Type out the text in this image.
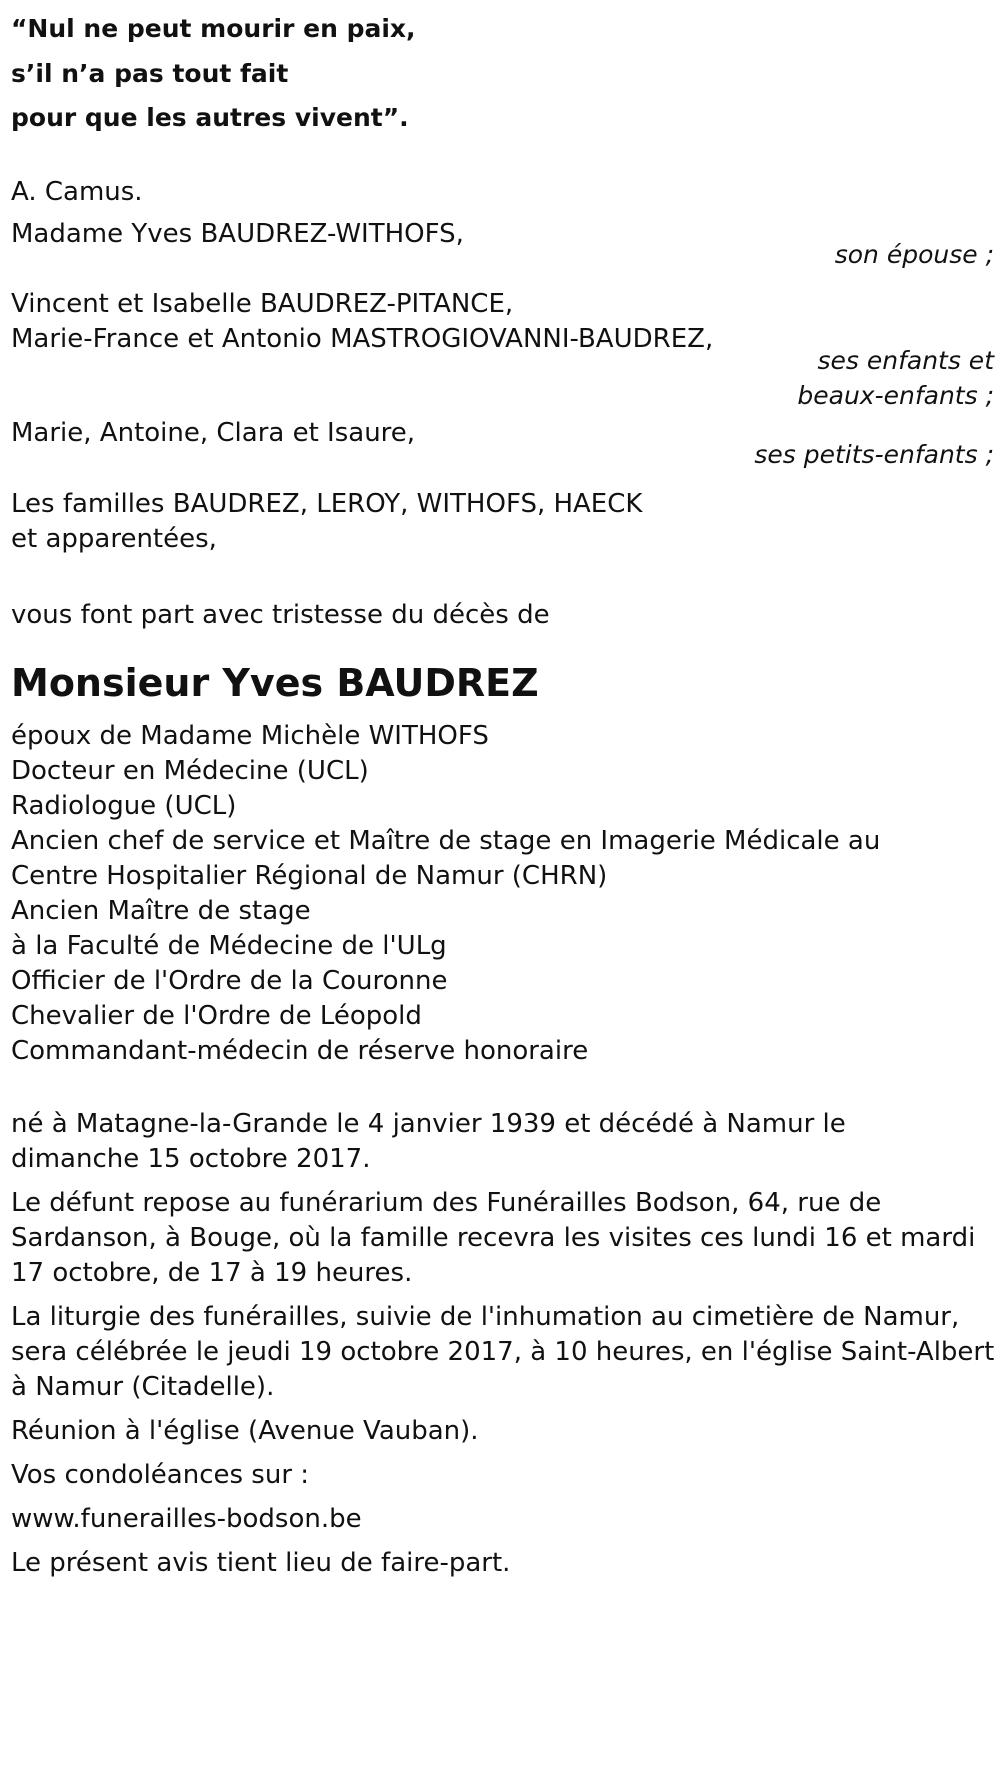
“Nul ne peut mourir en paix,
s’il n’a pas tout fait
pour que les autres vivent”.
A. Camus.
Madame Yves BAUDREZ-WITHOFS,
son épouse ;
Vincent et Isabelle BAUDREZ-PITANCE,
Marie-France et Antonio MASTROGIOVANNI-BAUDREZ,
ses enfants et
beaux-enfants ;
Marie, Antoine, Clara et Isaure,
ses petits-enfants ;
Les familles BAUDREZ, LEROY, WITHOFS, HAECK
et apparentées,
vous font part avec tristesse du décès de
Monsieur Yves BAUDREZ
époux de Madame Michèle WITHOFS
Docteur en Médecine (UCL)
Radiologue (UCL)
Ancien chef de service et Maître de stage en Imagerie Médicale au
Centre Hospitalier Régional de Namur (CHRN)
Ancien Maître de stage
à la Faculté de Médecine de l'ULg
Officier de l'Ordre de la Couronne
Chevalier de l'Ordre de Léopold
Commandant-médecin de réserve honoraire
né à Matagne-la-Grande le 4 janvier 1939 et décédé à Namur le
dimanche 15 octobre 2017.
Le défunt repose au funérarium des Funérailles Bodson, 64, rue de
Sardanson, à Bouge, où la famille recevra les visites ces lundi 16 et mardi
17 octobre, de 17 à 19 heures.
La liturgie des funérailles, suivie de l'inhumation au cimetière de Namur,
sera célébrée le jeudi 19 octobre 2017, à 10 heures, en l'église Saint-Albert
à Namur (Citadelle).
Réunion à l'église (Avenue Vauban).
Vos condoléances sur :
www.funerailles-bodson.be
Le présent avis tient lieu de faire-part.
